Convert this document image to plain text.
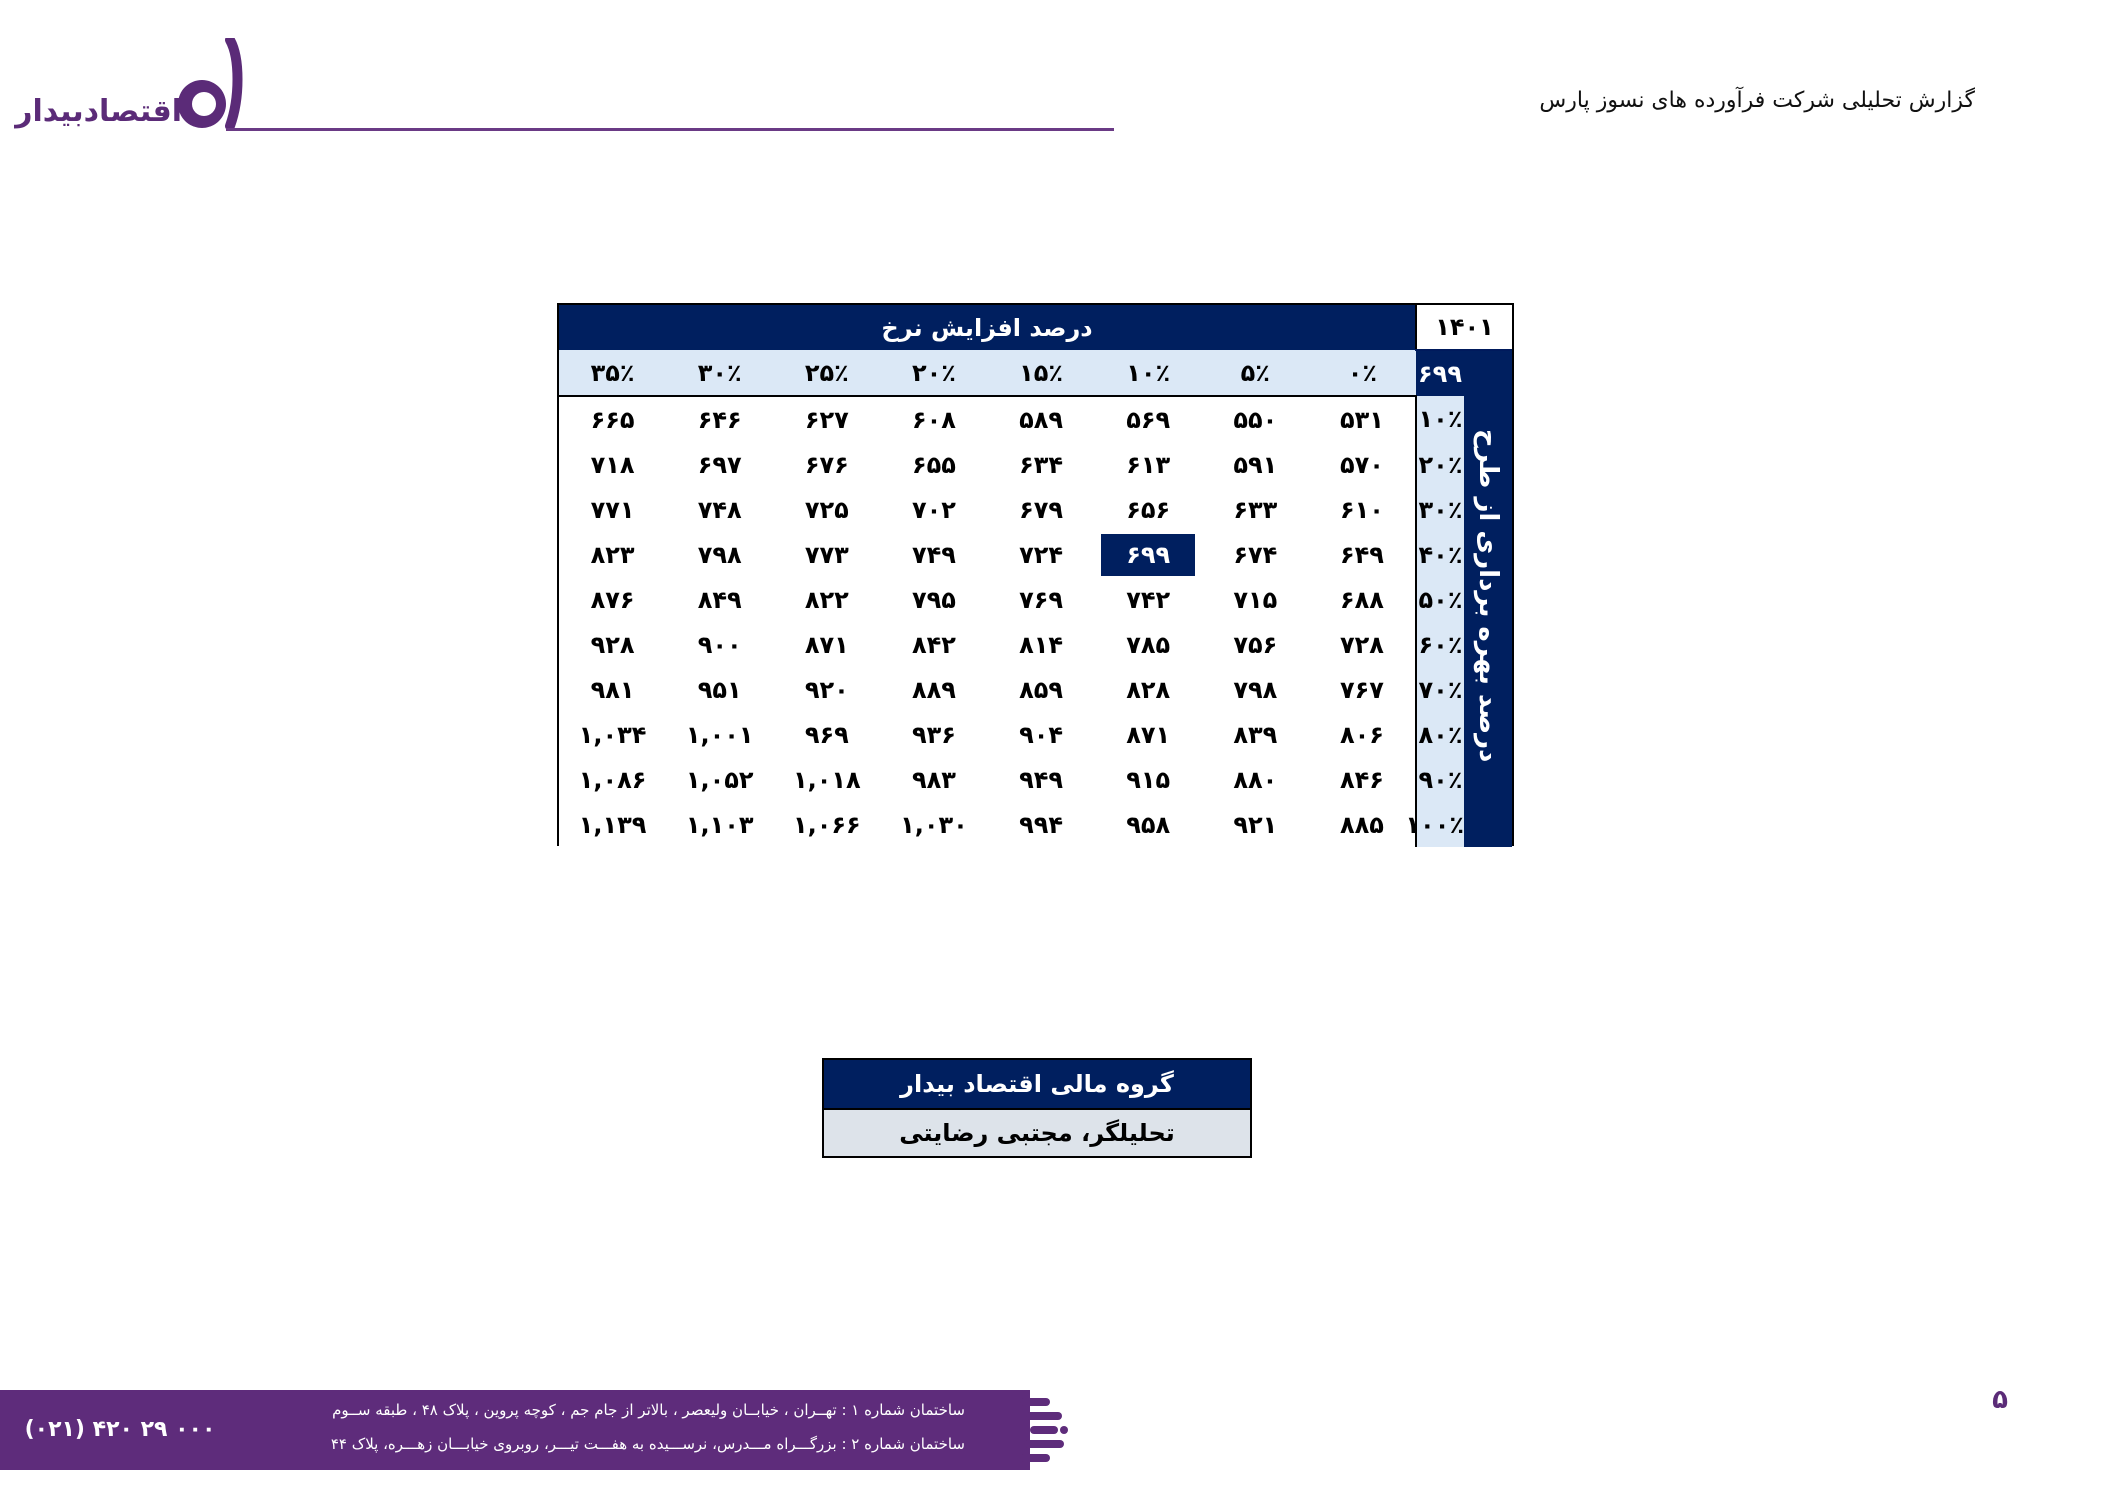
اقتصادبیدار	گزارش تحلیلی شرکت فرآورده های نسوز پارس
۱۴۰۱		درصد افزایش نرخ							
درصد بهره برداری از طرح	۶۹۹	۰٪	۵٪	۱۰٪	۱۵٪	۲۰٪	۲۵٪	۳۰٪	۳۵٪
	۱۰٪	۵۳۱	۵۵۰	۵۶۹	۵۸۹	۶۰۸	۶۲۷	۶۴۶	۶۶۵
	۲۰٪	۵۷۰	۵۹۱	۶۱۳	۶۳۴	۶۵۵	۶۷۶	۶۹۷	۷۱۸
	۳۰٪	۶۱۰	۶۳۳	۶۵۶	۶۷۹	۷۰۲	۷۲۵	۷۴۸	۷۷۱
	۴۰٪	۶۴۹	۶۷۴	۶۹۹	۷۲۴	۷۴۹	۷۷۳	۷۹۸	۸۲۳
	۵۰٪	۶۸۸	۷۱۵	۷۴۲	۷۶۹	۷۹۵	۸۲۲	۸۴۹	۸۷۶
	۶۰٪	۷۲۸	۷۵۶	۷۸۵	۸۱۴	۸۴۲	۸۷۱	۹۰۰	۹۲۸
	۷۰٪	۷۶۷	۷۹۸	۸۲۸	۸۵۹	۸۸۹	۹۲۰	۹۵۱	۹۸۱
	۸۰٪	۸۰۶	۸۳۹	۸۷۱	۹۰۴	۹۳۶	۹۶۹	۱,۰۰۱	۱,۰۳۴
	۹۰٪	۸۴۶	۸۸۰	۹۱۵	۹۴۹	۹۸۳	۱,۰۱۸	۱,۰۵۲	۱,۰۸۶
	۱۰۰٪	۸۸۵	۹۲۱	۹۵۸	۹۹۴	۱,۰۳۰	۱,۰۶۶	۱,۱۰۳	۱,۱۳۹
گروه مالی اقتصاد بیدار
تحلیلگر، مجتبی رضایتی
۵
ساختمان شماره ۱ : تهــران ، خیابــان ولیعصر ، بالاتر از جام جم ، کوچه پروین ، پلاک ۴۸ ، طبقه ســوم
ساختمان شماره ۲ : بزرگـــراه مـــدرس، نرســـیده به هفـــت تیـــر، روبروی خیابـــان زهـــره، پلاک ۴۴
(۰۲۱) ۴۲۰ ۲۹ ۰۰۰
